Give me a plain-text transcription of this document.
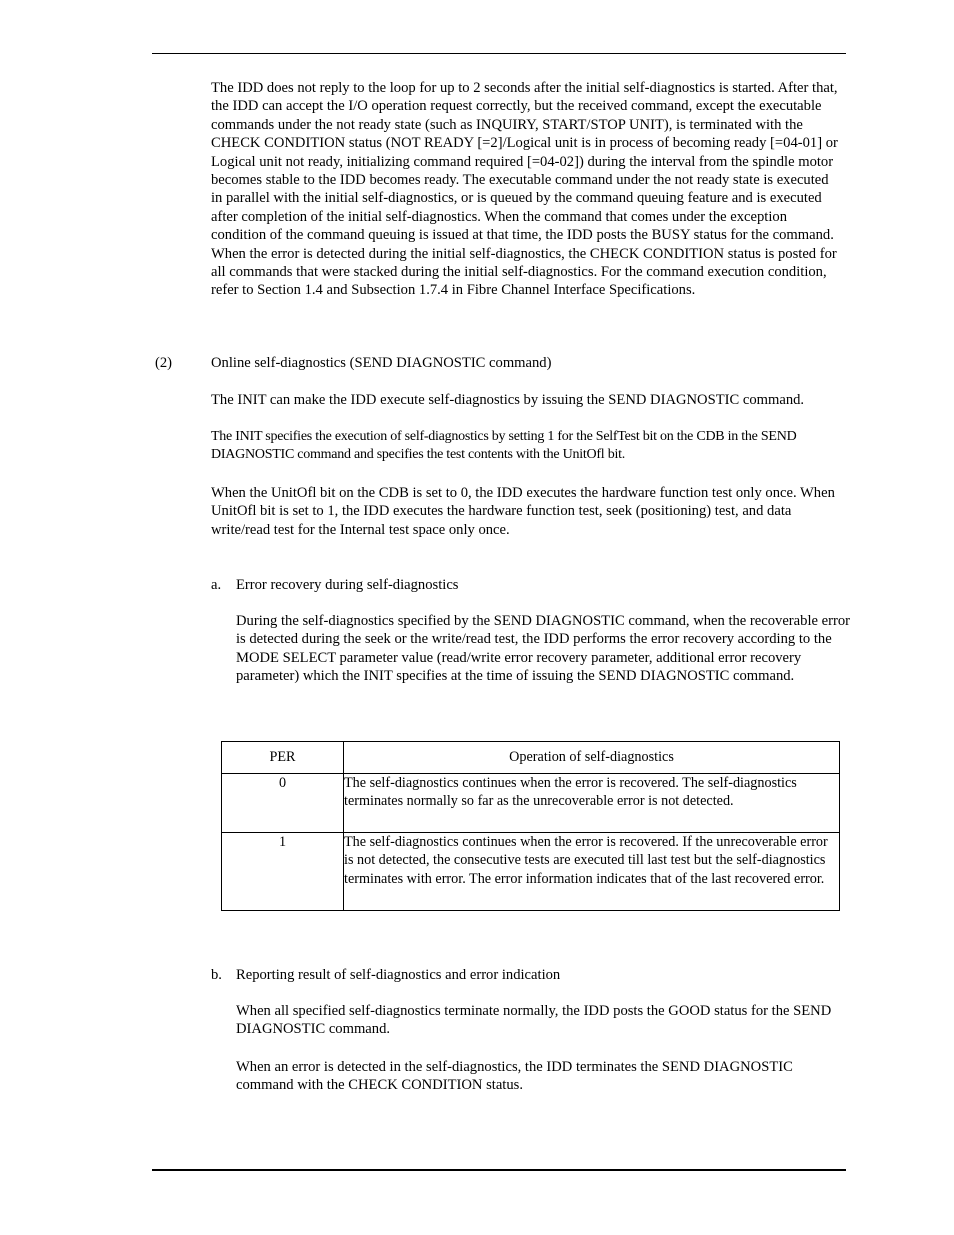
The IDD does not reply to the loop for up to 2 seconds after the initial self-diagnostics is started. After that, the IDD can accept the I/O operation request correctly, but the received command, except the executable commands under the not ready state (such as INQUIRY, START/STOP UNIT), is terminated with the CHECK CONDITION status (NOT READY [=2]/Logical unit is in process of becoming ready [=04-01] or Logical unit not ready, initializing command required [=04-02]) during the interval from the spindle motor becomes stable to the IDD becomes ready. The executable command under the not ready state is executed in parallel with the initial self-diagnostics, or is queued by the command queuing feature and is executed after completion of the initial self-diagnostics. When the command that comes under the exception condition of the command queuing is issued at that time, the IDD posts the BUSY status for the command. When the error is detected during the initial self-diagnostics, the CHECK CONDITION status is posted for all commands that were stacked during the initial self-diagnostics. For the command execution condition, refer to Section 1.4 and Subsection 1.7.4 in Fibre Channel Interface Specifications.

(2)	Online self-diagnostics (SEND DIAGNOSTIC command)

The INIT can make the IDD execute self-diagnostics by issuing the SEND DIAGNOSTIC command.

The INIT specifies the execution of self-diagnostics by setting 1 for the SelfTest bit on the CDB in the SEND DIAGNOSTIC command and specifies the test contents with the UnitOfl bit.

When the UnitOfl bit on the CDB is set to 0, the IDD executes the hardware function test only once. When UnitOfl bit is set to 1, the IDD executes the hardware function test, seek (positioning) test, and data write/read test for the Internal test space only once.

a. Error recovery during self-diagnostics

During the self-diagnostics specified by the SEND DIAGNOSTIC command, when the recoverable error is detected during the seek or the write/read test, the IDD performs the error recovery according to the MODE SELECT parameter value (read/write error recovery parameter, additional error recovery parameter) which the INIT specifies at the time of issuing the SEND DIAGNOSTIC command.

PER	Operation of self-diagnostics
0	The self-diagnostics continues when the error is recovered. The self-diagnostics terminates normally so far as the unrecoverable error is not detected.
1	The self-diagnostics continues when the error is recovered. If the unrecoverable error is not detected, the consecutive tests are executed till last test but the self-diagnostics terminates with error. The error information indicates that of the last recovered error.
b. Reporting result of self-diagnostics and error indication

When all specified self-diagnostics terminate normally, the IDD posts the GOOD status for the SEND DIAGNOSTIC command.

When an error is detected in the self-diagnostics, the IDD terminates the SEND DIAGNOSTIC command with the CHECK CONDITION status.
